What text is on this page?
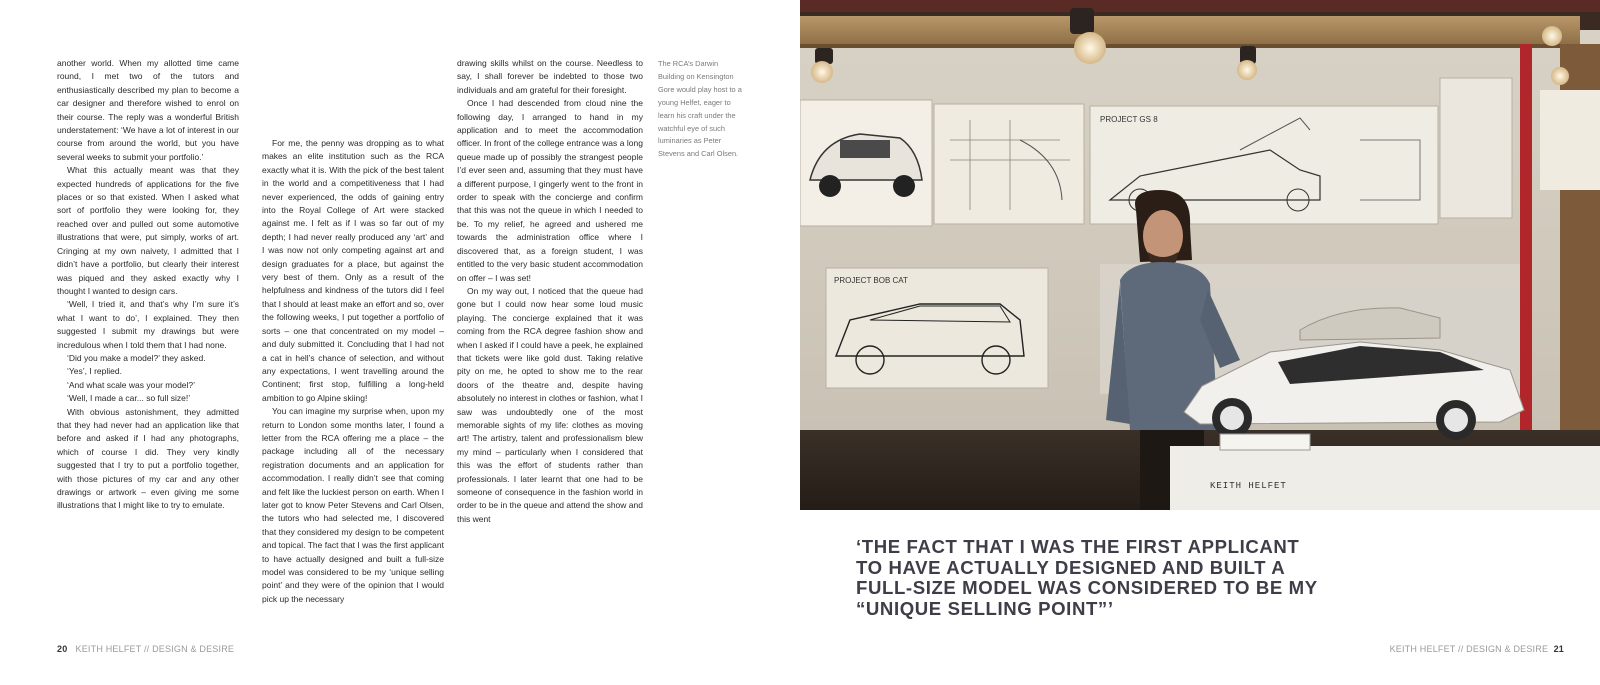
another world. When my allotted time came round, I met two of the tutors and enthusiastically described my plan to become a car designer and therefore wished to enrol on their course. The reply was a wonderful British understatement: ‘We have a lot of interest in our course from around the world, but you have several weeks to submit your portfolio.’

What this actually meant was that they expected hundreds of applications for the five places or so that existed. When I asked what sort of portfolio they were looking for, they reached over and pulled out some automotive illustrations that were, put simply, works of art. Cringing at my own naivety, I admitted that I didn’t have a portfolio, but clearly their interest was piqued and they asked exactly why I thought I wanted to design cars.

‘Well, I tried it, and that’s why I’m sure it’s what I want to do’, I explained. They then suggested I submit my drawings but were incredulous when I told them that I had none.

‘Did you make a model?’ they asked.

‘Yes’, I replied.

‘And what scale was your model?’

‘Well, I made a car... so full size!’

With obvious astonishment, they admitted that they had never had an application like that before and asked if I had any photographs, which of course I did. They very kindly suggested that I try to put a portfolio together, with those pictures of my car and any other drawings or artwork – even giving me some illustrations that I might like to try to emulate.

For me, the penny was dropping as to what makes an elite institution such as the RCA exactly what it is. With the pick of the best talent in the world and a competitiveness that I had never experienced, the odds of gaining entry into the Royal College of Art were stacked against me. I felt as if I was so far out of my depth; I had never really produced any ‘art’ and I was now not only competing against art and design graduates for a place, but against the very best of them. Only as a result of the helpfulness and kindness of the tutors did I feel that I should at least make an effort and so, over the following weeks, I put together a portfolio of sorts – one that concentrated on my model – and duly submitted it. Concluding that I had not a cat in hell’s chance of selection, and without any expectations, I went travelling around the Continent; first stop, fulfilling a long-held ambition to go Alpine skiing!

You can imagine my surprise when, upon my return to London some months later, I found a letter from the RCA offering me a place – the package including all of the necessary registration documents and an application for accommodation. I really didn’t see that coming and felt like the luckiest person on earth. When I later got to know Peter Stevens and Carl Olsen, the tutors who had selected me, I discovered that they considered my design to be competent and topical. The fact that I was the first applicant to have actually designed and built a full-size model was considered to be my ‘unique selling point’ and they were of the opinion that I would pick up the necessary

drawing skills whilst on the course. Needless to say, I shall forever be indebted to those two individuals and am grateful for their foresight.

Once I had descended from cloud nine the following day, I arranged to hand in my application and to meet the accommodation officer. In front of the college entrance was a long queue made up of possibly the strangest people I’d ever seen and, assuming that they must have a different purpose, I gingerly went to the front in order to speak with the concierge and confirm that this was not the queue in which I needed to be. To my relief, he agreed and ushered me towards the administration office where I discovered that, as a foreign student, I was entitled to the very basic student accommodation on offer – I was set!

On my way out, I noticed that the queue had gone but I could now hear some loud music playing. The concierge explained that it was coming from the RCA degree fashion show and when I asked if I could have a peek, he explained that tickets were like gold dust. Taking relative pity on me, he opted to show me to the rear doors of the theatre and, despite having absolutely no interest in clothes or fashion, what I saw was undoubtedly one of the most memorable sights of my life: clothes as moving art! The artistry, talent and professionalism blew my mind – particularly when I considered that this was the effort of students rather than professionals. I later learnt that one had to be someone of consequence in the fashion world in order to be in the queue and attend the show and this went

The RCA’s Darwin Building on Kensington Gore would play host to a young Helfet, eager to learn his craft under the watchful eye of such luminaries as Peter Stevens and Carl Olsen.
20 KEITH HELFET // DESIGN & DESIRE
PROJECT GS 8
PROJECT BOB CAT
KEITH HELFET
‘THE FACT THAT I WAS THE FIRST APPLICANT TO HAVE ACTUALLY DESIGNED AND BUILT A FULL-SIZE MODEL WAS CONSIDERED TO BE MY “UNIQUE SELLING POINT”’
KEITH HELFET // DESIGN & DESIRE 21
